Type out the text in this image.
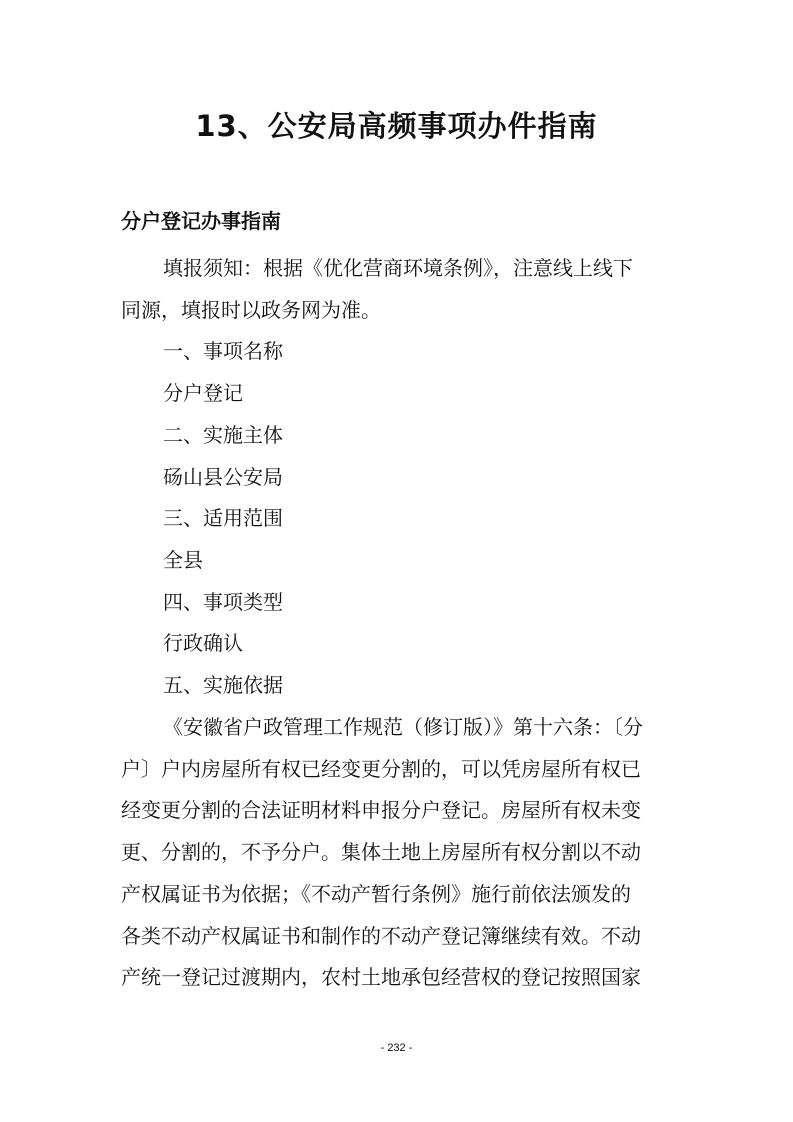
13、公安局高频事项办件指南
分户登记办事指南

填报须知：根据《优化营商环境条例》，注意线上线下

同源，填报时以政务网为准。

一、事项名称

分户登记

二、实施主体

砀山县公安局

三、适用范围

全县

四、事项类型

行政确认

五、实施依据

《安徽省户政管理工作规范（修订版）》第十六条：〔分

户〕户内房屋所有权已经变更分割的，可以凭房屋所有权已

经变更分割的合法证明材料申报分户登记。房屋所有权未变

更、分割的，不予分户。集体土地上房屋所有权分割以不动

产权属证书为依据；《不动产暂行条例》施行前依法颁发的

各类不动产权属证书和制作的不动产登记簿继续有效。不动

产统一登记过渡期内，农村土地承包经营权的登记按照国家

- 232 -
